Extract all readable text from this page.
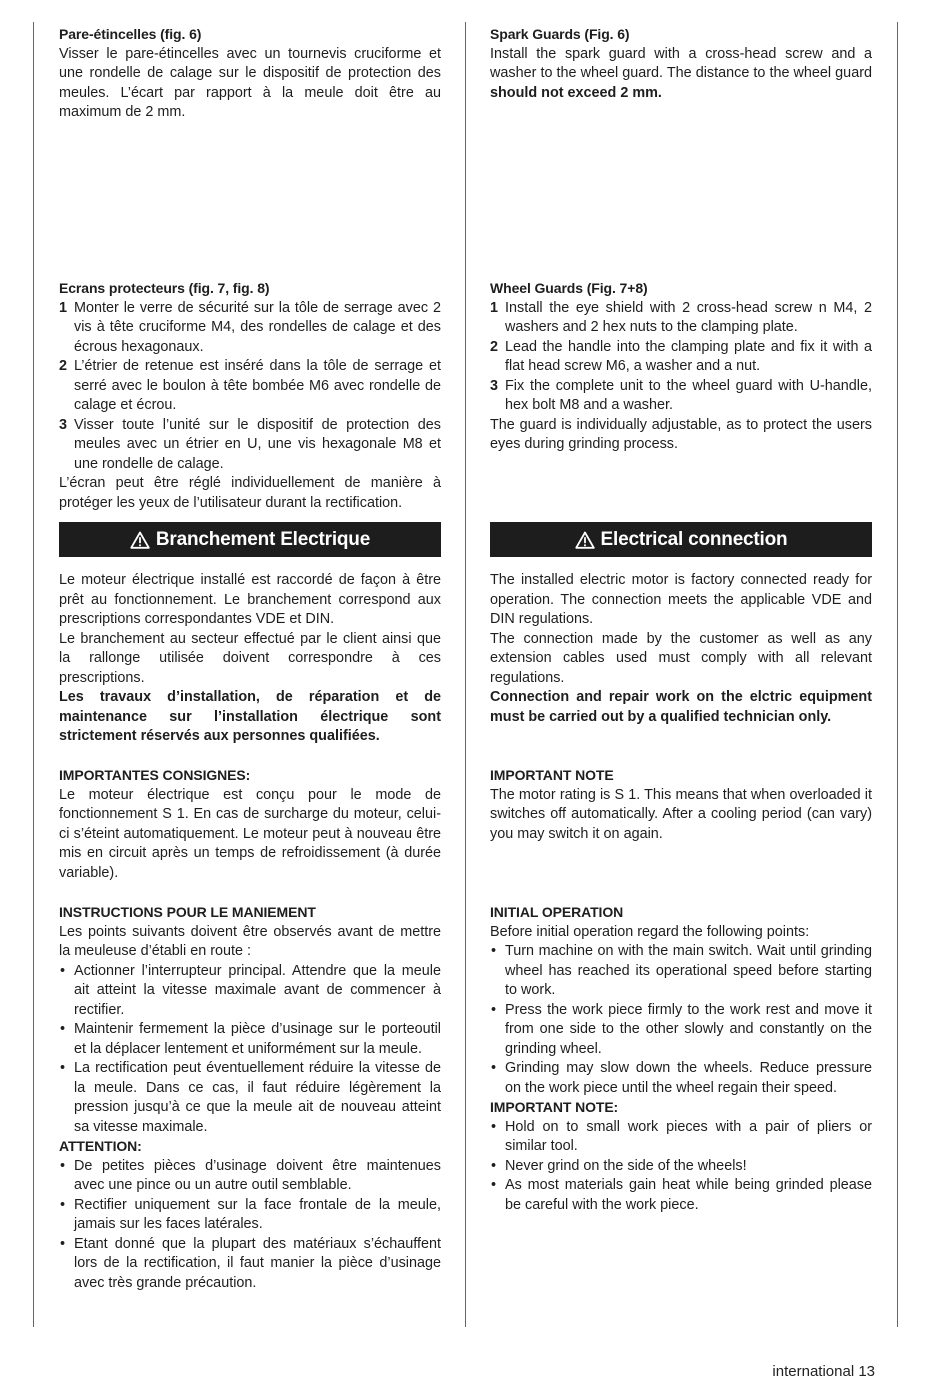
Pare-étincelles (fig. 6)

Visser le pare-étincelles avec un tournevis cruciforme et une rondelle de calage sur le dispositif de protection des meules. L’écart par rapport à la meule doit être au maximum de 2 mm.

Ecrans protecteurs (fig. 7, fig. 8)
1 Monter le verre de sécurité sur la tôle de serrage avec 2 vis à tête cruciforme M4, des rondelles de calage et des écrous hexagonaux.
2 L’étrier de retenue est inséré dans la tôle de serrage et serré avec le boulon à tête bombée M6 avec rondelle de calage et écrou.
3 Visser toute l’unité sur le dispositif de protection des meules avec un étrier en U, une vis hexagonale M8 et une rondelle de calage.

L’écran peut être réglé individuellement de manière à protéger les yeux de l’utilisateur durant la rectification.

Branchement Electrique

Le moteur électrique installé est raccordé de façon à être prêt au fonctionnement. Le branchement correspond aux prescriptions correspondantes VDE et DIN.

Le branchement au secteur effectué par le client ainsi que la rallonge utilisée doivent correspondre à ces prescriptions.

Les travaux d’installation, de réparation et de maintenance sur l’installation électrique sont strictement réservés aux personnes qualifiées.

IMPORTANTES CONSIGNES:

Le moteur électrique est conçu pour le mode de fonctionnement S 1. En cas de surcharge du moteur, celui-ci s’éteint automatiquement. Le moteur peut à nouveau être mis en circuit après un temps de refroidissement (à durée variable).

INSTRUCTIONS POUR LE MANIEMENT

Les points suivants doivent être observés avant de mettre la meuleuse d’établi en route :

• Actionner l’interrupteur principal. Attendre que la meule ait atteint la vitesse maximale avant de commencer à rectifier.
• Maintenir fermement la pièce d’usinage sur le porteoutil et la déplacer lentement et uniformément sur la meule.
• La rectification peut éventuellement réduire la vitesse de la meule. Dans ce cas, il faut réduire légèrement la pression jusqu’à ce que la meule ait de nouveau atteint sa vitesse maximale.
ATTENTION:
• De petites pièces d’usinage doivent être maintenues avec une pince ou un autre outil semblable.
• Rectifier uniquement sur la face frontale de la meule, jamais sur les faces latérales.
• Etant donné que la plupart des matériaux s’échauffent lors de la rectification, il faut manier la pièce d’usinage avec très grande précaution.
Spark Guards (Fig. 6)

Install the spark guard with a cross-head screw and a washer to the wheel guard. The distance to the wheel guard should not exceed 2 mm.

Wheel Guards (Fig. 7+8)
1 Install the eye shield with 2 cross-head screw n M4, 2 washers and 2 hex nuts to the clamping plate.
2 Lead the handle into the clamping plate and fix it with a flat head screw M6, a washer and a nut.
3 Fix the complete unit to the wheel guard with U-handle, hex bolt M8 and a washer.

The guard is individually adjustable, as to protect the users eyes during grinding process.

Electrical connection

The installed electric motor is factory connected ready for operation. The connection meets the applicable VDE and DIN regulations.

The connection made by the customer as well as any extension cables used must comply with all relevant regulations.

Connection and repair work on the elctric equipment must be carried out by a qualified technician only.

IMPORTANT NOTE

The motor rating is S 1. This means that when overloaded it switches off automatically. After a cooling period (can vary) you may switch it on again.

INITIAL OPERATION

Before initial operation regard the following points:

• Turn machine on with the main switch. Wait until grinding wheel has reached its operational speed before starting to work.
• Press the work piece firmly to the work rest and move it from one side to the other slowly and constantly on the grinding wheel.
• Grinding may slow down the wheels. Reduce pressure on the work piece until the wheel regain their speed.
IMPORTANT NOTE:
• Hold on to small work pieces with a pair of pliers or similar tool.
• Never grind on the side of the wheels!
• As most materials gain heat while being grinded please be careful with the work piece.
international 13
